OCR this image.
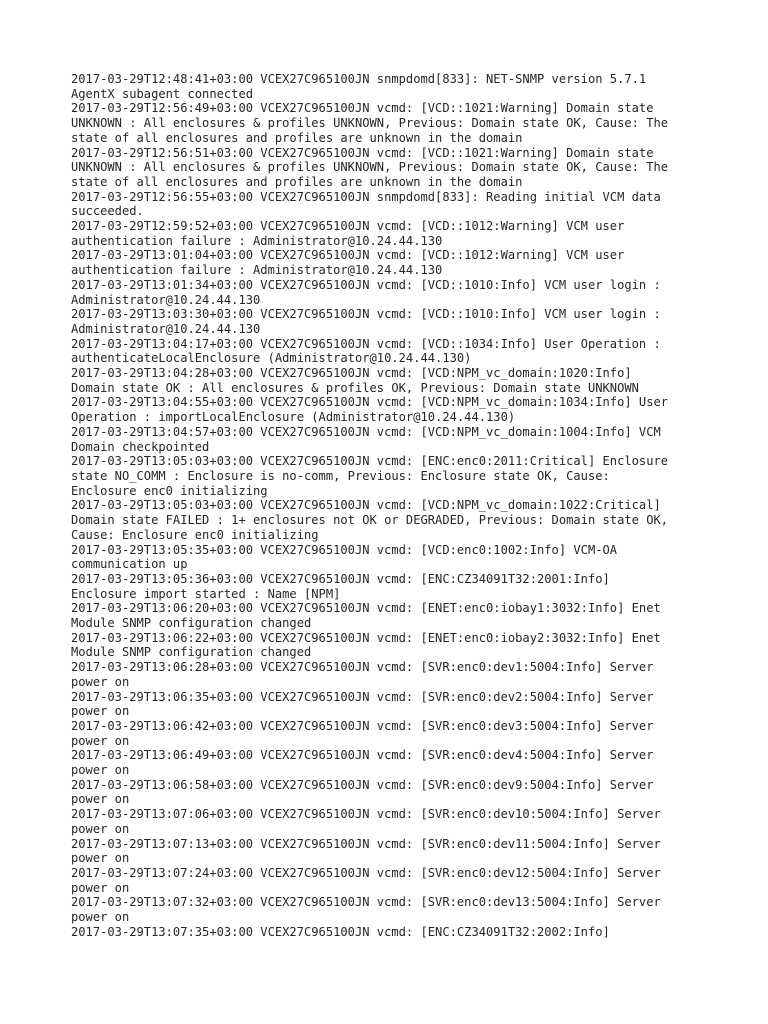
2017-03-29T12:48:41+03:00 VCEX27C965100JN snmpdomd[833]: NET-SNMP version 5.7.1
AgentX subagent connected
2017-03-29T12:56:49+03:00 VCEX27C965100JN vcmd: [VCD::1021:Warning] Domain state
UNKNOWN : All enclosures & profiles UNKNOWN, Previous: Domain state OK, Cause: The
state of all enclosures and profiles are unknown in the domain
2017-03-29T12:56:51+03:00 VCEX27C965100JN vcmd: [VCD::1021:Warning] Domain state
UNKNOWN : All enclosures & profiles UNKNOWN, Previous: Domain state OK, Cause: The
state of all enclosures and profiles are unknown in the domain
2017-03-29T12:56:55+03:00 VCEX27C965100JN snmpdomd[833]: Reading initial VCM data
succeeded.
2017-03-29T12:59:52+03:00 VCEX27C965100JN vcmd: [VCD::1012:Warning] VCM user
authentication failure : Administrator@10.24.44.130
2017-03-29T13:01:04+03:00 VCEX27C965100JN vcmd: [VCD::1012:Warning] VCM user
authentication failure : Administrator@10.24.44.130
2017-03-29T13:01:34+03:00 VCEX27C965100JN vcmd: [VCD::1010:Info] VCM user login :
Administrator@10.24.44.130
2017-03-29T13:03:30+03:00 VCEX27C965100JN vcmd: [VCD::1010:Info] VCM user login :
Administrator@10.24.44.130
2017-03-29T13:04:17+03:00 VCEX27C965100JN vcmd: [VCD::1034:Info] User Operation :
authenticateLocalEnclosure (Administrator@10.24.44.130)
2017-03-29T13:04:28+03:00 VCEX27C965100JN vcmd: [VCD:NPM_vc_domain:1020:Info]
Domain state OK : All enclosures & profiles OK, Previous: Domain state UNKNOWN
2017-03-29T13:04:55+03:00 VCEX27C965100JN vcmd: [VCD:NPM_vc_domain:1034:Info] User
Operation : importLocalEnclosure (Administrator@10.24.44.130)
2017-03-29T13:04:57+03:00 VCEX27C965100JN vcmd: [VCD:NPM_vc_domain:1004:Info] VCM
Domain checkpointed
2017-03-29T13:05:03+03:00 VCEX27C965100JN vcmd: [ENC:enc0:2011:Critical] Enclosure
state NO_COMM : Enclosure is no-comm, Previous: Enclosure state OK, Cause:
Enclosure enc0 initializing
2017-03-29T13:05:03+03:00 VCEX27C965100JN vcmd: [VCD:NPM_vc_domain:1022:Critical]
Domain state FAILED : 1+ enclosures not OK or DEGRADED, Previous: Domain state OK,
Cause: Enclosure enc0 initializing
2017-03-29T13:05:35+03:00 VCEX27C965100JN vcmd: [VCD:enc0:1002:Info] VCM-OA
communication up
2017-03-29T13:05:36+03:00 VCEX27C965100JN vcmd: [ENC:CZ34091T32:2001:Info]
Enclosure import started : Name [NPM]
2017-03-29T13:06:20+03:00 VCEX27C965100JN vcmd: [ENET:enc0:iobay1:3032:Info] Enet
Module SNMP configuration changed
2017-03-29T13:06:22+03:00 VCEX27C965100JN vcmd: [ENET:enc0:iobay2:3032:Info] Enet
Module SNMP configuration changed
2017-03-29T13:06:28+03:00 VCEX27C965100JN vcmd: [SVR:enc0:dev1:5004:Info] Server
power on
2017-03-29T13:06:35+03:00 VCEX27C965100JN vcmd: [SVR:enc0:dev2:5004:Info] Server
power on
2017-03-29T13:06:42+03:00 VCEX27C965100JN vcmd: [SVR:enc0:dev3:5004:Info] Server
power on
2017-03-29T13:06:49+03:00 VCEX27C965100JN vcmd: [SVR:enc0:dev4:5004:Info] Server
power on
2017-03-29T13:06:58+03:00 VCEX27C965100JN vcmd: [SVR:enc0:dev9:5004:Info] Server
power on
2017-03-29T13:07:06+03:00 VCEX27C965100JN vcmd: [SVR:enc0:dev10:5004:Info] Server
power on
2017-03-29T13:07:13+03:00 VCEX27C965100JN vcmd: [SVR:enc0:dev11:5004:Info] Server
power on
2017-03-29T13:07:24+03:00 VCEX27C965100JN vcmd: [SVR:enc0:dev12:5004:Info] Server
power on
2017-03-29T13:07:32+03:00 VCEX27C965100JN vcmd: [SVR:enc0:dev13:5004:Info] Server
power on
2017-03-29T13:07:35+03:00 VCEX27C965100JN vcmd: [ENC:CZ34091T32:2002:Info]
